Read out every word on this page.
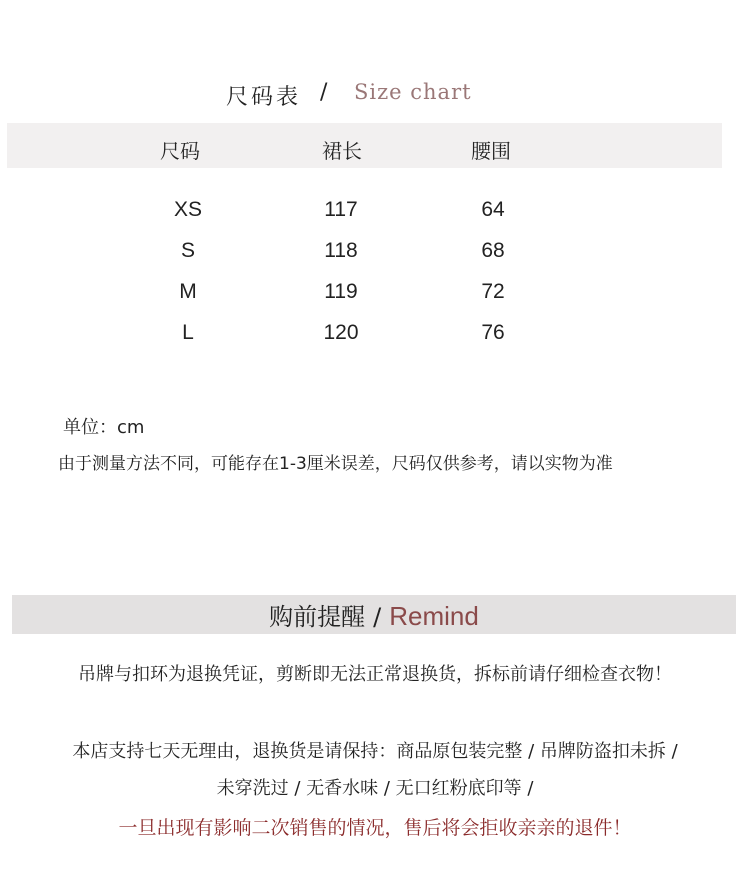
尺码表 / Size chart
尺码	裙长	腰围
XS	117	64
S	118	68
M	119	72
L	120	76
单位：cm
由于测量方法不同，可能存在1-3厘米误差，尺码仅供参考，请以实物为准
购前提醒 / Remind
吊牌与扣环为退换凭证，剪断即无法正常退换货，拆标前请仔细检查衣物！
本店支持七天无理由，退换货是请保持：商品原包装完整 / 吊牌防盗扣未拆 /
未穿洗过 / 无香水味 / 无口红粉底印等 /
一旦出现有影响二次销售的情况，售后将会拒收亲亲的退件！
